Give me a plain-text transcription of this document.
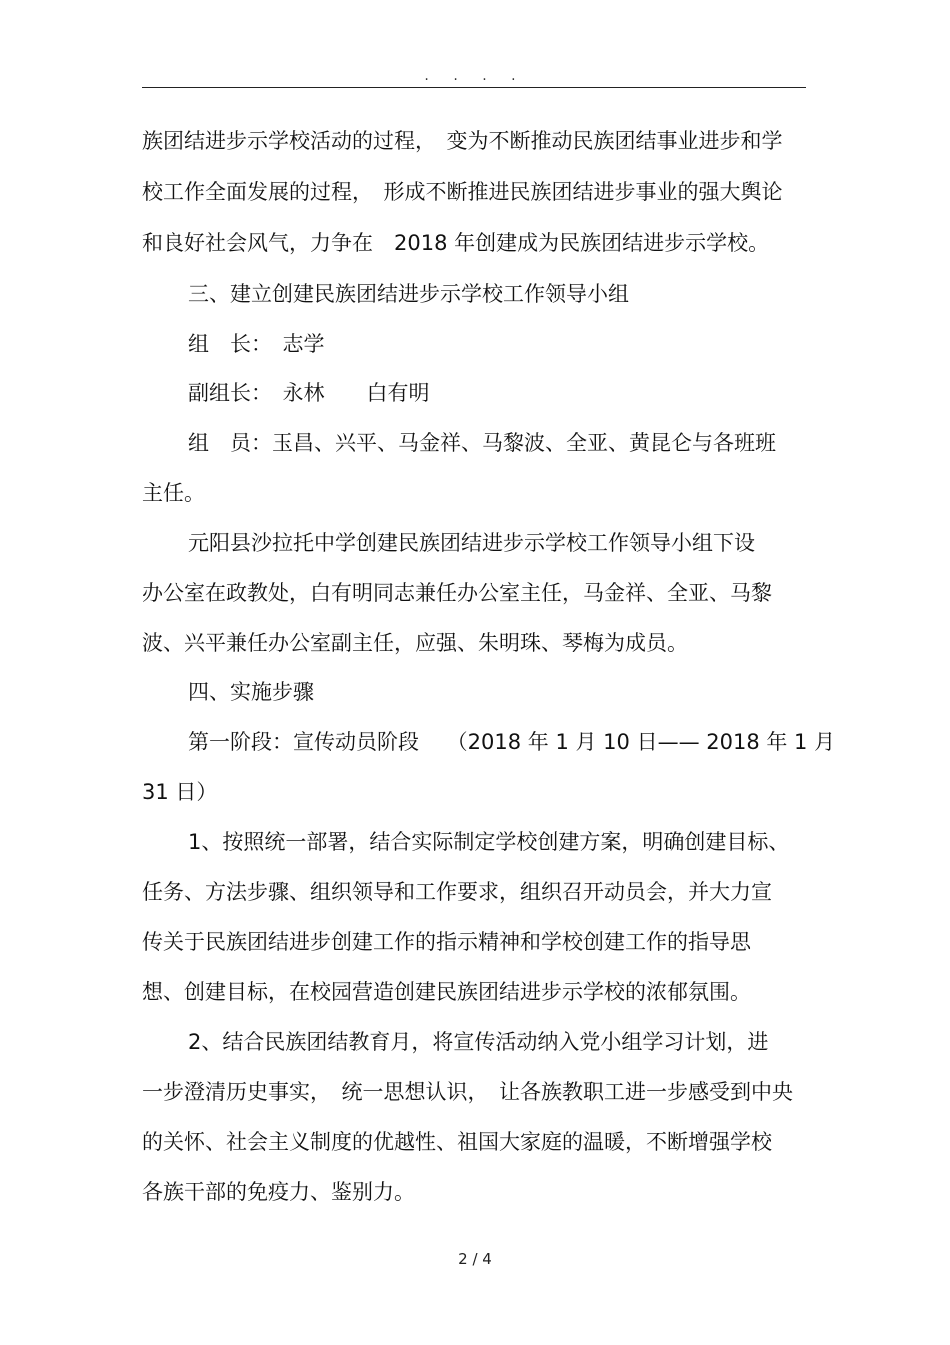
· · · ·
族团结进步示学校活动的过程，　变为不断推动民族团结事业进步和学
校工作全面发展的过程，　形成不断推进民族团结进步事业的强大舆论
和良好社会风气，力争在　2018 年创建成为民族团结进步示学校。
三、建立创建民族团结进步示学校工作领导小组
组　长：　志学
副组长：　永林　　白有明
组　员：玉昌、兴平、马金祥、马黎波、全亚、黄昆仑与各班班
主任。
元阳县沙拉托中学创建民族团结进步示学校工作领导小组下设
办公室在政教处，白有明同志兼任办公室主任，马金祥、全亚、马黎
波、兴平兼任办公室副主任，应强、朱明珠、琴梅为成员。
四、实施步骤
第一阶段：宣传动员阶段　 （2018 年 1 月 10 日—— 2018 年 1 月
31 日）
1、按照统一部署，结合实际制定学校创建方案，明确创建目标、
任务、方法步骤、组织领导和工作要求，组织召开动员会，并大力宣
传关于民族团结进步创建工作的指示精神和学校创建工作的指导思
想、创建目标，在校园营造创建民族团结进步示学校的浓郁氛围。
2、结合民族团结教育月，将宣传活动纳入党小组学习计划，进
一步澄清历史事实，　统一思想认识，　让各族教职工进一步感受到中央
的关怀、社会主义制度的优越性、祖国大家庭的温暖，不断增强学校
各族干部的免疫力、鉴别力。
2 / 4
